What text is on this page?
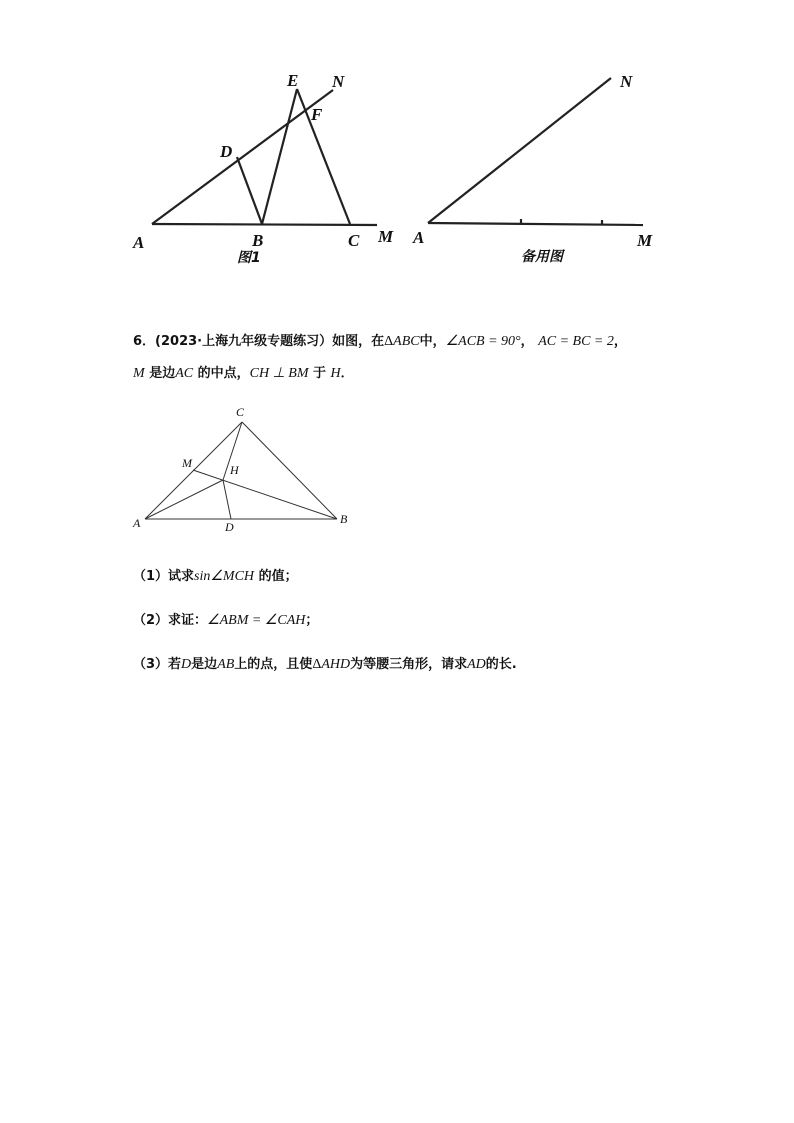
A	B	C M
N
D
E
F
图1
A	M
N
备用图
6．(2023·上海九年级专题练习）如图，在ΔABC中，∠ACB = 90°， AC = BC = 2，
M 是边AC 的中点，CH ⊥ BM 于 H．
C
M	H
A	D
B
（1）试求sin∠MCH 的值；
（2）求证：∠ABM = ∠CAH；
（3）若D是边AB上的点，且使ΔAHD为等腰三角形，请求AD的长.
